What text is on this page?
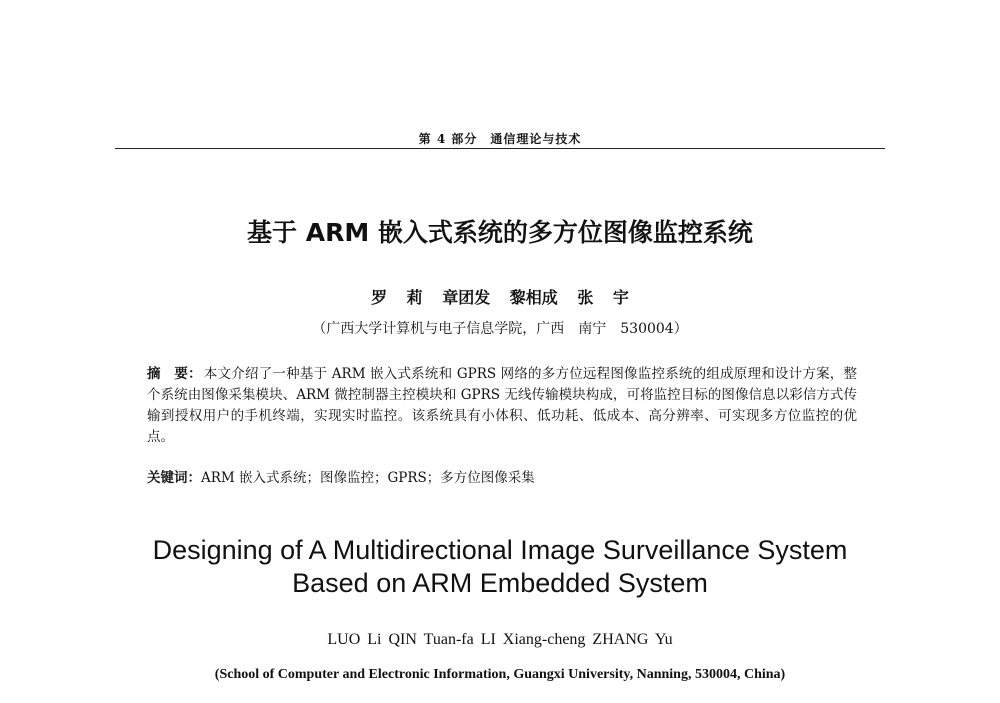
第 4 部分　通信理论与技术
基于 ARM 嵌入式系统的多方位图像监控系统
罗 莉 章团发 黎相成 张 宇
（广西大学计算机与电子信息学院，广西　南宁　530004）
摘　要： 本文介绍了一种基于 ARM 嵌入式系统和 GPRS 网络的多方位远程图像监控系统的组成原理和设计方案，整个系统由图像采集模块、ARM 微控制器主控模块和 GPRS 无线传输模块构成，可将监控目标的图像信息以彩信方式传输到授权用户的手机终端，实现实时监控。该系统具有小体积、低功耗、低成本、高分辨率、可实现多方位监控的优点。
关键词：ARM 嵌入式系统；图像监控；GPRS；多方位图像采集
Designing of A Multidirectional Image Surveillance System
Based on ARM Embedded System
LUO Li QIN Tuan-fa LI Xiang-cheng ZHANG Yu
(School of Computer and Electronic Information, Guangxi University, Nanning, 530004, China)
